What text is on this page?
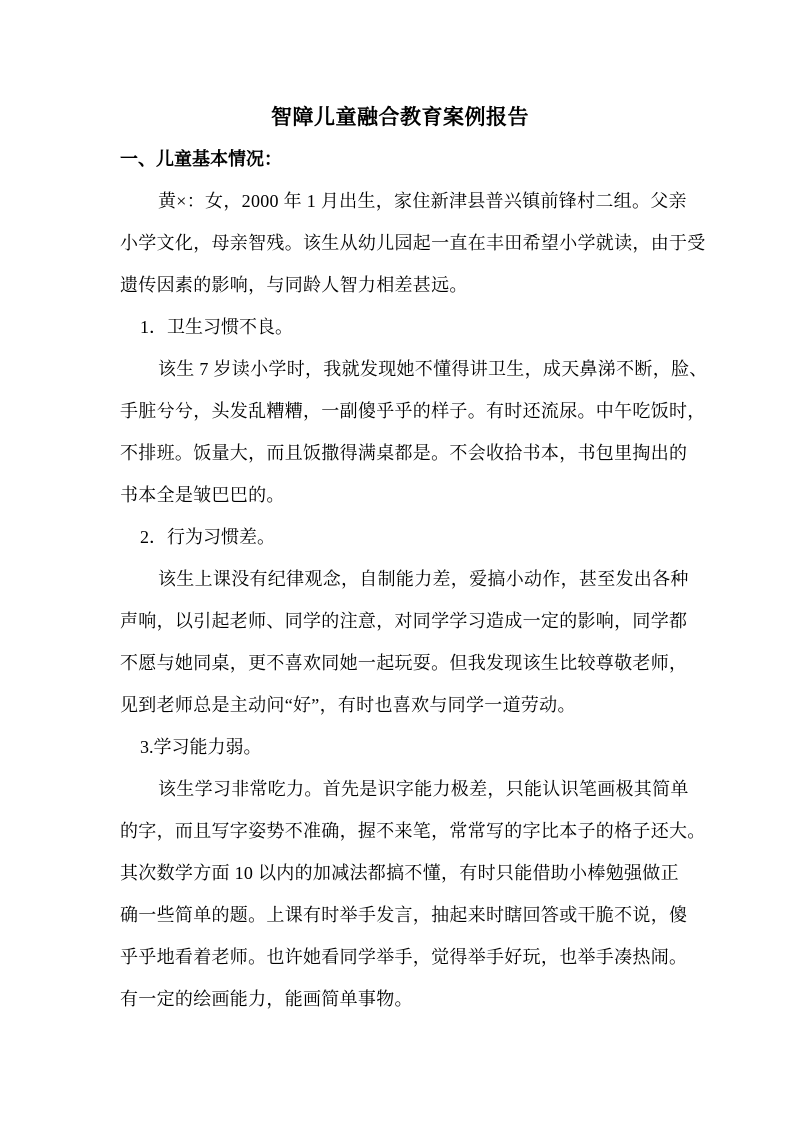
智障儿童融合教育案例报告
一、儿童基本情况：
黄×：女，2000 年 1 月出生，家住新津县普兴镇前锋村二组。父亲
小学文化，母亲智残。该生从幼儿园起一直在丰田希望小学就读，由于受
遗传因素的影响，与同龄人智力相差甚远。
1．卫生习惯不良。
该生 7 岁读小学时，我就发现她不懂得讲卫生，成天鼻涕不断，脸、
手脏兮兮，头发乱糟糟，一副傻乎乎的样子。有时还流尿。中午吃饭时，
不排班。饭量大，而且饭撒得满桌都是。不会收拾书本，书包里掏出的
书本全是皱巴巴的。
2．行为习惯差。
该生上课没有纪律观念，自制能力差，爱搞小动作，甚至发出各种
声响，以引起老师、同学的注意，对同学学习造成一定的影响，同学都
不愿与她同桌，更不喜欢同她一起玩耍。但我发现该生比较尊敬老师，
见到老师总是主动问“好”，有时也喜欢与同学一道劳动。
3.学习能力弱。
该生学习非常吃力。首先是识字能力极差，只能认识笔画极其简单
的字，而且写字姿势不准确，握不来笔，常常写的字比本子的格子还大。
其次数学方面 10 以内的加减法都搞不懂，有时只能借助小棒勉强做正
确一些简单的题。上课有时举手发言，抽起来时瞎回答或干脆不说，傻
乎乎地看着老师。也许她看同学举手，觉得举手好玩，也举手凑热闹。
有一定的绘画能力，能画简单事物。
